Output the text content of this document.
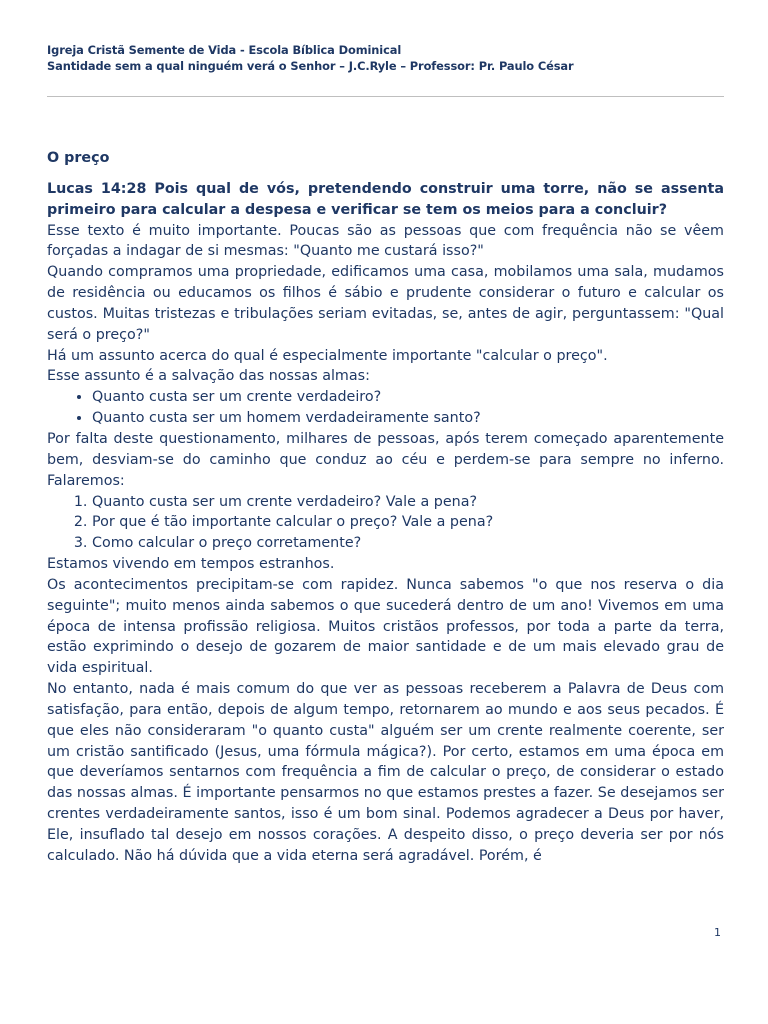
Igreja Cristã Semente de Vida - Escola Bíblica Dominical
Santidade sem a qual ninguém verá o Senhor – J.C.Ryle – Professor: Pr. Paulo César

O preço

Lucas 14:28 Pois qual de vós, pretendendo construir uma torre, não se assenta primeiro para calcular a despesa e verificar se tem os meios para a concluir?

Esse texto é muito importante. Poucas são as pessoas que com frequência não se vêem forçadas a indagar de si mesmas: "Quanto me custará isso?"

Quando compramos uma propriedade, edificamos uma casa, mobilamos uma sala, mudamos de residência ou educamos os filhos é sábio e prudente considerar o futuro e calcular os custos. Muitas tristezas e tribulações seriam evitadas, se, antes de agir, perguntassem: "Qual será o preço?"

Há um assunto acerca do qual é especialmente importante "calcular o preço".

Esse assunto é a salvação das nossas almas:

• Quanto custa ser um crente verdadeiro?
• Quanto custa ser um homem verdadeiramente santo?

Por falta deste questionamento, milhares de pessoas, após terem começado aparentemente bem, desviam-se do caminho que conduz ao céu e perdem-se para sempre no inferno. Falaremos:

1. Quanto custa ser um crente verdadeiro? Vale a pena?
2. Por que é tão importante calcular o preço? Vale a pena?
3. Como calcular o preço corretamente?

Estamos vivendo em tempos estranhos.

Os acontecimentos precipitam-se com rapidez. Nunca sabemos "o que nos reserva o dia seguinte"; muito menos ainda sabemos o que sucederá dentro de um ano! Vivemos em uma época de intensa profissão religiosa. Muitos cristãos professos, por toda a parte da terra, estão exprimindo o desejo de gozarem de maior santidade e de um mais elevado grau de vida espiritual.

No entanto, nada é mais comum do que ver as pessoas receberem a Palavra de Deus com satisfação, para então, depois de algum tempo, retornarem ao mundo e aos seus pecados. É que eles não consideraram "o quanto custa" alguém ser um crente realmente coerente, ser um cristão santificado (Jesus, uma fórmula mágica?). Por certo, estamos em uma época em que deveríamos sentarnos com frequência a fim de calcular o preço, de considerar o estado das nossas almas. É importante pensarmos no que estamos prestes a fazer. Se desejamos ser crentes verdadeiramente santos, isso é um bom sinal. Podemos agradecer a Deus por haver, Ele, insuflado tal desejo em nossos corações. A despeito disso, o preço deveria ser por nós calculado. Não há dúvida que a vida eterna será agradável. Porém, é

1
